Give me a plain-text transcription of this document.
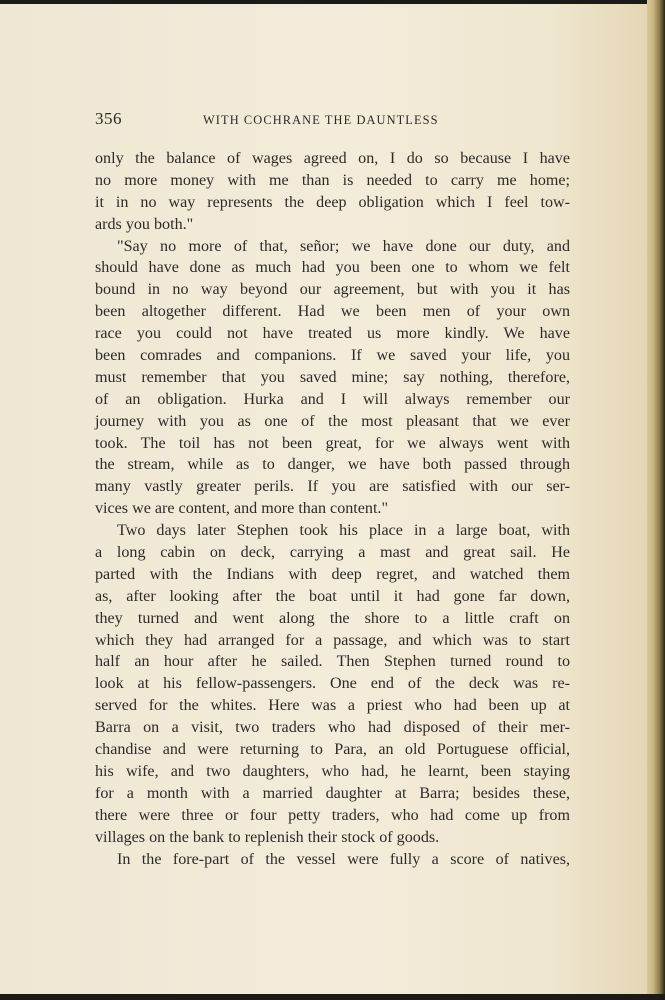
356	WITH COCHRANE THE DAUNTLESS
only the balance of wages agreed on, I do so because I have
no more money with me than is needed to carry me home;
it in no way represents the deep obligation which I feel tow-
ards you both."
"Say no more of that, señor; we have done our duty, and
should have done as much had you been one to whom we felt
bound in no way beyond our agreement, but with you it has
been altogether different. Had we been men of your own
race you could not have treated us more kindly. We have
been comrades and companions. If we saved your life, you
must remember that you saved mine; say nothing, therefore,
of an obligation. Hurka and I will always remember our
journey with you as one of the most pleasant that we ever
took. The toil has not been great, for we always went with
the stream, while as to danger, we have both passed through
many vastly greater perils. If you are satisfied with our ser-
vices we are content, and more than content."
Two days later Stephen took his place in a large boat, with
a long cabin on deck, carrying a mast and great sail. He
parted with the Indians with deep regret, and watched them
as, after looking after the boat until it had gone far down,
they turned and went along the shore to a little craft on
which they had arranged for a passage, and which was to start
half an hour after he sailed. Then Stephen turned round to
look at his fellow-passengers. One end of the deck was re-
served for the whites. Here was a priest who had been up at
Barra on a visit, two traders who had disposed of their mer-
chandise and were returning to Para, an old Portuguese official,
his wife, and two daughters, who had, he learnt, been staying
for a month with a married daughter at Barra; besides these,
there were three or four petty traders, who had come up from
villages on the bank to replenish their stock of goods.
In the fore-part of the vessel were fully a score of natives,
